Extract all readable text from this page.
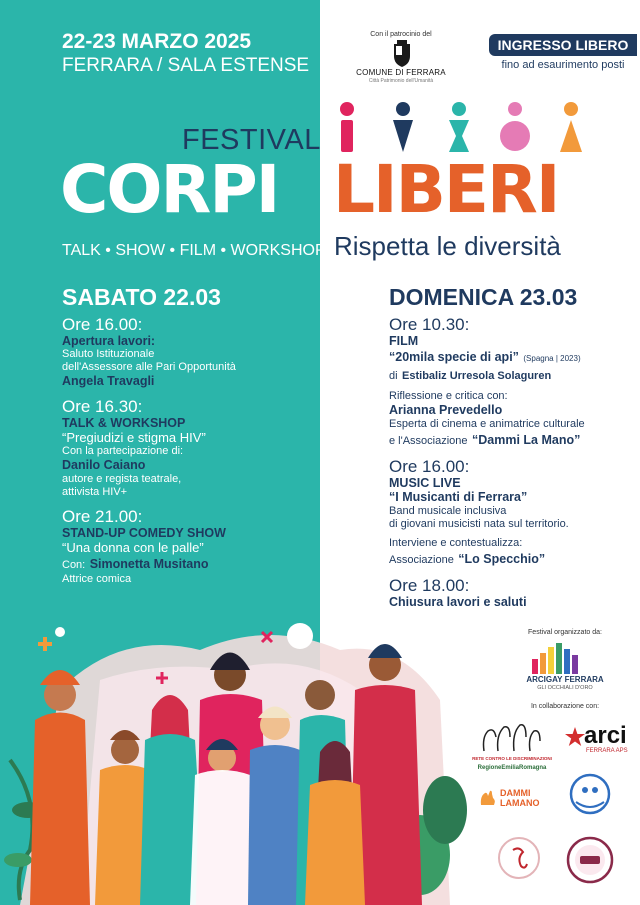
22-23 MARZO 2025
FERRARA / SALA ESTENSE
Con il patrocinio del
COMUNE DI FERRARA
Città Patrimonio dell'Umanità
INGRESSO LIBERO
fino ad esaurimento posti
FESTIVAL
CORPI LIBERI
TALK • SHOW • FILM • WORKSHOP Rispetta le diversità
SABATO 22.03
Ore 16.00:
Apertura lavori:
Saluto Istituzionale
dell'Assessore alle Pari Opportunità
Angela Travagli
Ore 16.30:
TALK & WORKSHOP
“Pregiudizi e stigma HIV”
Con la partecipazione di:
Danilo Caiano
autore e regista teatrale,
attivista HIV+
Ore 21.00:
STAND-UP COMEDY SHOW
“Una donna con le palle”
Con: Simonetta Musitano
Attrice comica
DOMENICA 23.03
Ore 10.30:
FILM
“20mila specie di api” (Spagna | 2023)
di Estibaliz Urresola Solaguren
Riflessione e critica con:
Arianna Prevedello
Esperta di cinema e animatrice culturale
e l'Associazione “Dammi La Mano”
Ore 16.00:
MUSIC LIVE
“I Musicanti di Ferrara”
Band musicale inclusiva
di giovani musicisti nata sul territorio.
Interviene e contestualizza:
Associazione “Lo Specchio”
Ore 18.00:
Chiusura lavori e saluti
Festival organizzato da:
ARCIGAY FERRARA
GLI OCCHIALI D'ORO
In collaborazione con:
RETE CONTRO LE DISCRIMINAZIONI
RegioneEmiliaRomagna
arci
FERRARA APS
DAMMI
LAMANO
